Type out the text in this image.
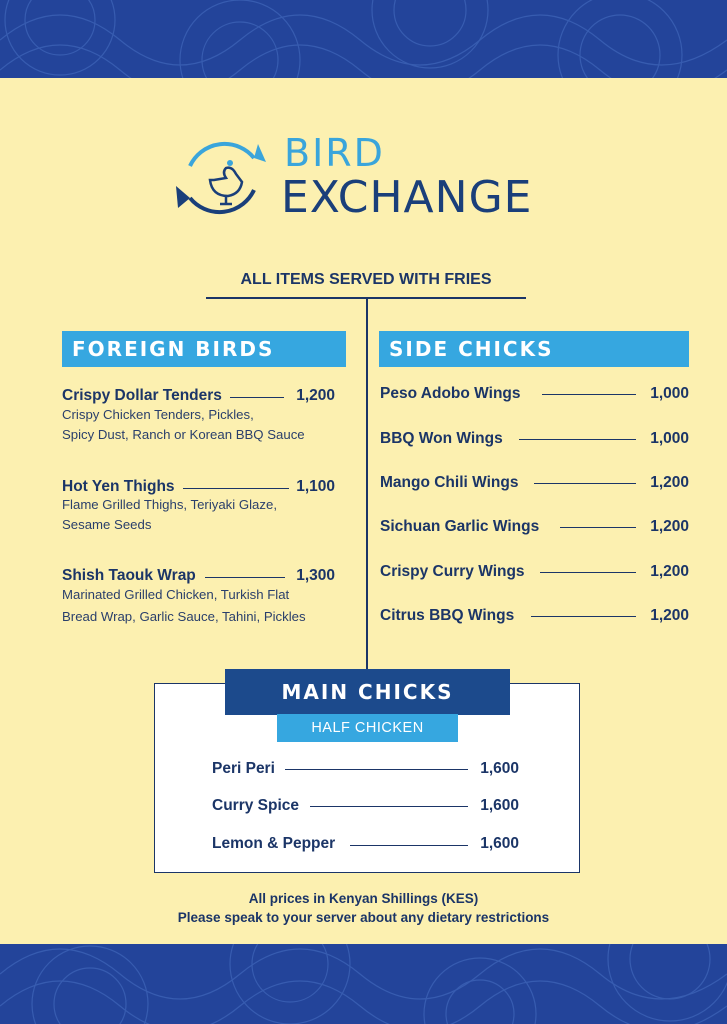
BIRD
EXCHANGE
ALL ITEMS SERVED WITH FRIES
FOREIGN BIRDS
Crispy Dollar Tenders	1,200
Crispy Chicken Tenders, Pickles,
Spicy Dust, Ranch or Korean BBQ Sauce
Hot Yen Thighs	1,100
Flame Grilled Thighs, Teriyaki Glaze,
Sesame Seeds
Shish Taouk Wrap	1,300
Marinated Grilled Chicken, Turkish Flat
Bread Wrap, Garlic Sauce, Tahini, Pickles
SIDE CHICKS
Peso Adobo Wings	1,000
BBQ Won Wings	1,000
Mango Chili Wings	1,200
Sichuan Garlic Wings	1,200
Crispy Curry Wings	1,200
Citrus BBQ Wings	1,200
MAIN CHICKS
HALF CHICKEN
Peri Peri	1,600
Curry Spice	1,600
Lemon & Pepper	1,600
All prices in Kenyan Shillings (KES)
Please speak to your server about any dietary restrictions
